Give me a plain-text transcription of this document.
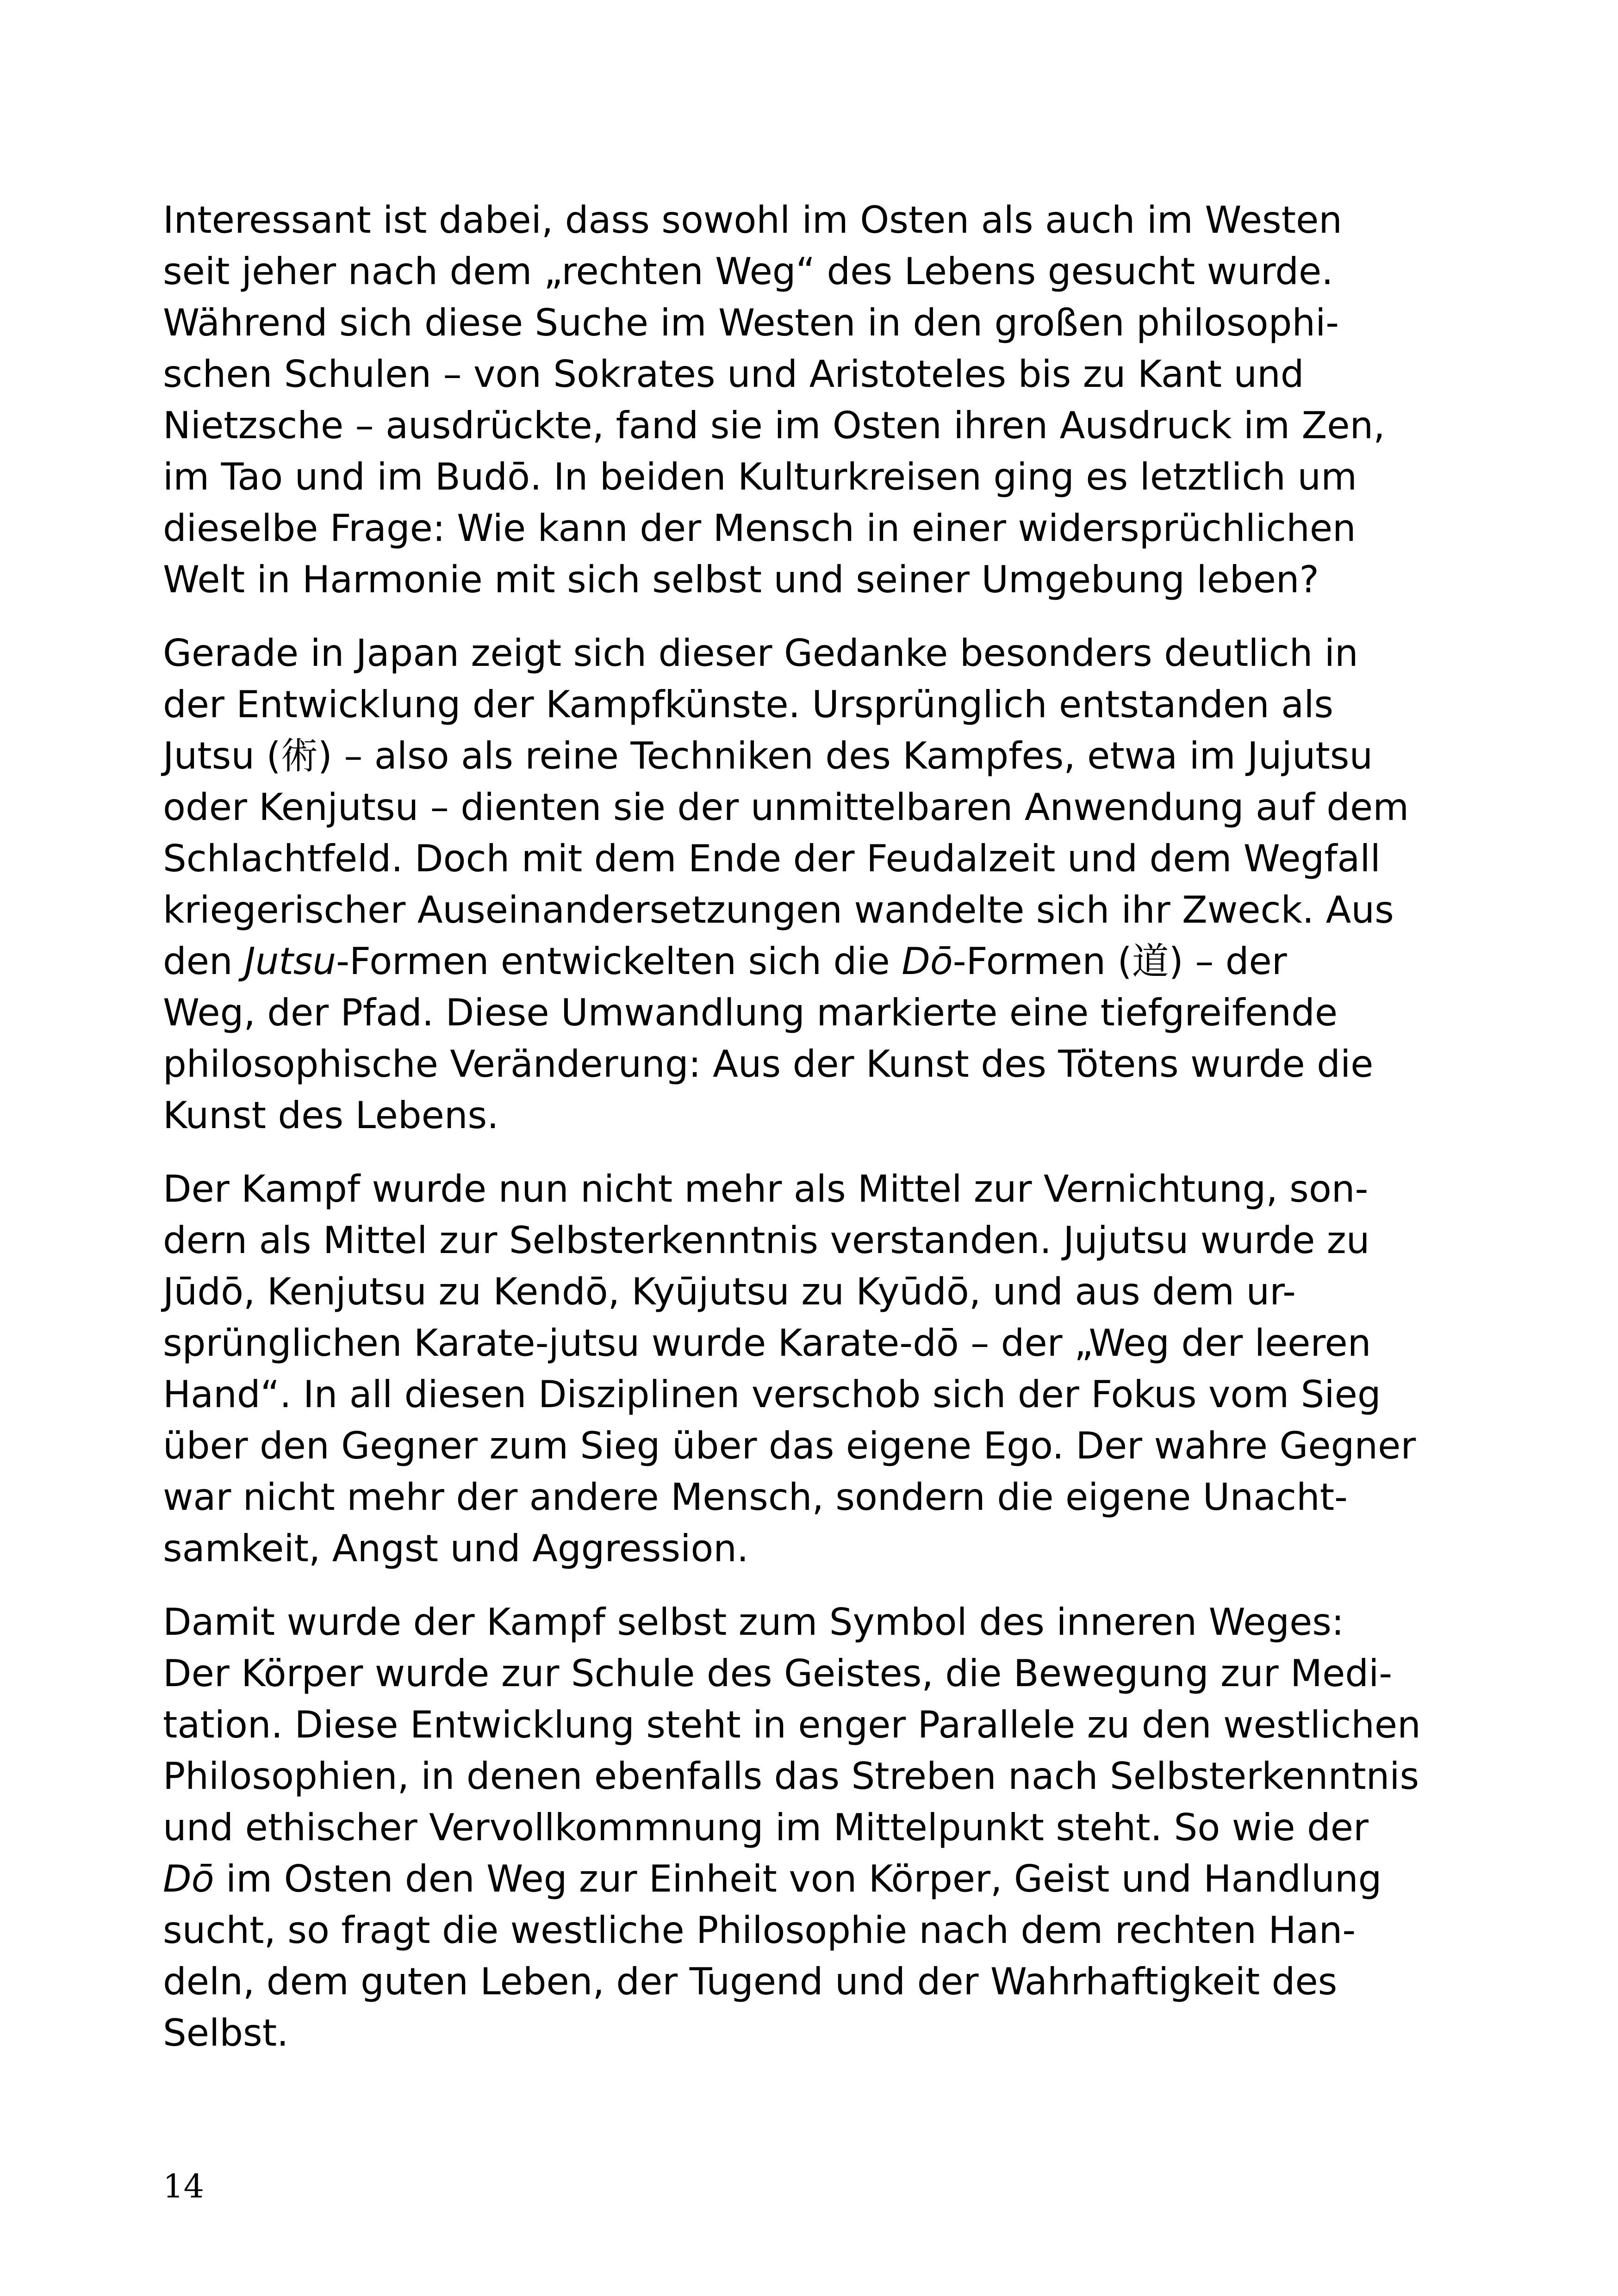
Interessant ist dabei, dass sowohl im Osten als auch im Westen
seit jeher nach dem „rechten Weg“ des Lebens gesucht wurde.
Während sich diese Suche im Westen in den großen philosophi-
schen Schulen – von Sokrates und Aristoteles bis zu Kant und
Nietzsche – ausdrückte, fand sie im Osten ihren Ausdruck im Zen,
im Tao und im Budō. In beiden Kulturkreisen ging es letztlich um
dieselbe Frage: Wie kann der Mensch in einer widersprüchlichen
Welt in Harmonie mit sich selbst und seiner Umgebung leben?
Gerade in Japan zeigt sich dieser Gedanke besonders deutlich in
der Entwicklung der Kampfkünste. Ursprünglich entstanden als
Jutsu (術) – also als reine Techniken des Kampfes, etwa im Jujutsu
oder Kenjutsu – dienten sie der unmittelbaren Anwendung auf dem
Schlachtfeld. Doch mit dem Ende der Feudalzeit und dem Wegfall
kriegerischer Auseinandersetzungen wandelte sich ihr Zweck. Aus
den Jutsu-Formen entwickelten sich die Dō-Formen (道) – der
Weg, der Pfad. Diese Umwandlung markierte eine tiefgreifende
philosophische Veränderung: Aus der Kunst des Tötens wurde die
Kunst des Lebens.
Der Kampf wurde nun nicht mehr als Mittel zur Vernichtung, son-
dern als Mittel zur Selbsterkenntnis verstanden. Jujutsu wurde zu
Jūdō, Kenjutsu zu Kendō, Kyūjutsu zu Kyūdō, und aus dem ur-
sprünglichen Karate-jutsu wurde Karate-dō – der „Weg der leeren
Hand“. In all diesen Disziplinen verschob sich der Fokus vom Sieg
über den Gegner zum Sieg über das eigene Ego. Der wahre Gegner
war nicht mehr der andere Mensch, sondern die eigene Unacht-
samkeit, Angst und Aggression.
Damit wurde der Kampf selbst zum Symbol des inneren Weges:
Der Körper wurde zur Schule des Geistes, die Bewegung zur Medi-
tation. Diese Entwicklung steht in enger Parallele zu den westlichen
Philosophien, in denen ebenfalls das Streben nach Selbsterkenntnis
und ethischer Vervollkommnung im Mittelpunkt steht. So wie der
Dō im Osten den Weg zur Einheit von Körper, Geist und Handlung
sucht, so fragt die westliche Philosophie nach dem rechten Han-
deln, dem guten Leben, der Tugend und der Wahrhaftigkeit des
Selbst.
14
